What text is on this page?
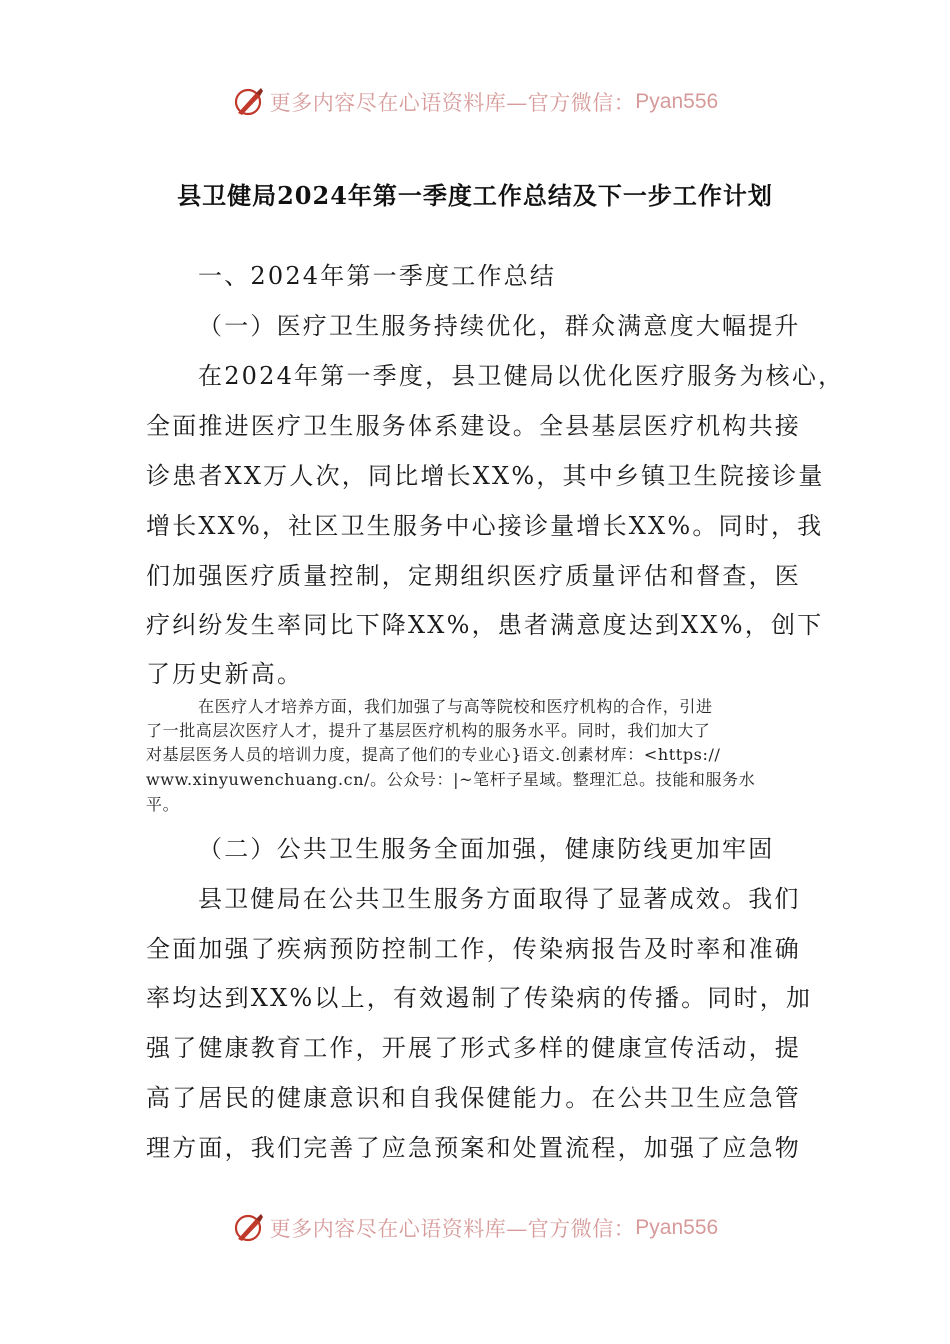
更多内容尽在心语资料库—官方微信： Pyan556
县卫健局2024年第一季度工作总结及下一步工作计划
一、2024年第一季度工作总结
（一）医疗卫生服务持续优化，群众满意度大幅提升
在2024年第一季度，县卫健局以优化医疗服务为核心，
全面推进医疗卫生服务体系建设。全县基层医疗机构共接
诊患者XX万人次，同比增长XX%，其中乡镇卫生院接诊量
增长XX%，社区卫生服务中心接诊量增长XX%。同时，我
们加强医疗质量控制，定期组织医疗质量评估和督查，医
疗纠纷发生率同比下降XX%，患者满意度达到XX%，创下
了历史新高。
在医疗人才培养方面，我们加强了与高等院校和医疗机构的合作，引进
了一批高层次医疗人才，提升了基层医疗机构的服务水平。同时，我们加大了
对基层医务人员的培训力度，提高了他们的专业心}语文.创素材库：<https://
www.xinyuwenchuang.cn/。公众号：|~笔杆子星域。整理汇总。技能和服务水
平。
（二）公共卫生服务全面加强，健康防线更加牢固
县卫健局在公共卫生服务方面取得了显著成效。我们
全面加强了疾病预防控制工作，传染病报告及时率和准确
率均达到XX%以上，有效遏制了传染病的传播。同时，加
强了健康教育工作，开展了形式多样的健康宣传活动，提
高了居民的健康意识和自我保健能力。在公共卫生应急管
理方面，我们完善了应急预案和处置流程，加强了应急物
更多内容尽在心语资料库—官方微信： Pyan556
